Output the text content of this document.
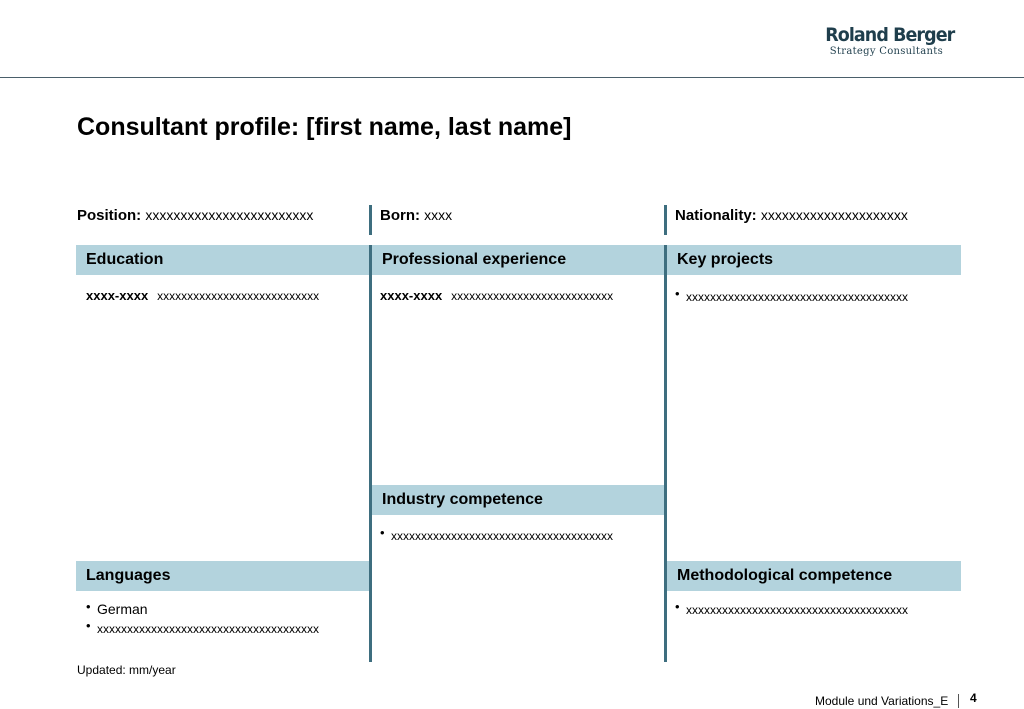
Roland Berger
Strategy Consultants
Consultant profile: [first name, last name]
Position: xxxxxxxxxxxxxxxxxxxxxxxx	Born: xxxx	Nationality: xxxxxxxxxxxxxxxxxxxxx
Education
xxxx-xxxx xxxxxxxxxxxxxxxxxxxxxxxxxxx
Professional experience
xxxx-xxxx xxxxxxxxxxxxxxxxxxxxxxxxxxx
Key projects
• xxxxxxxxxxxxxxxxxxxxxxxxxxxxxxxxxxxxx
Industry competence
• xxxxxxxxxxxxxxxxxxxxxxxxxxxxxxxxxxxxx
Languages
• German
• xxxxxxxxxxxxxxxxxxxxxxxxxxxxxxxxxxxxx
Methodological competence
• xxxxxxxxxxxxxxxxxxxxxxxxxxxxxxxxxxxxx
Updated: mm/year
Module und Variations_E 4
